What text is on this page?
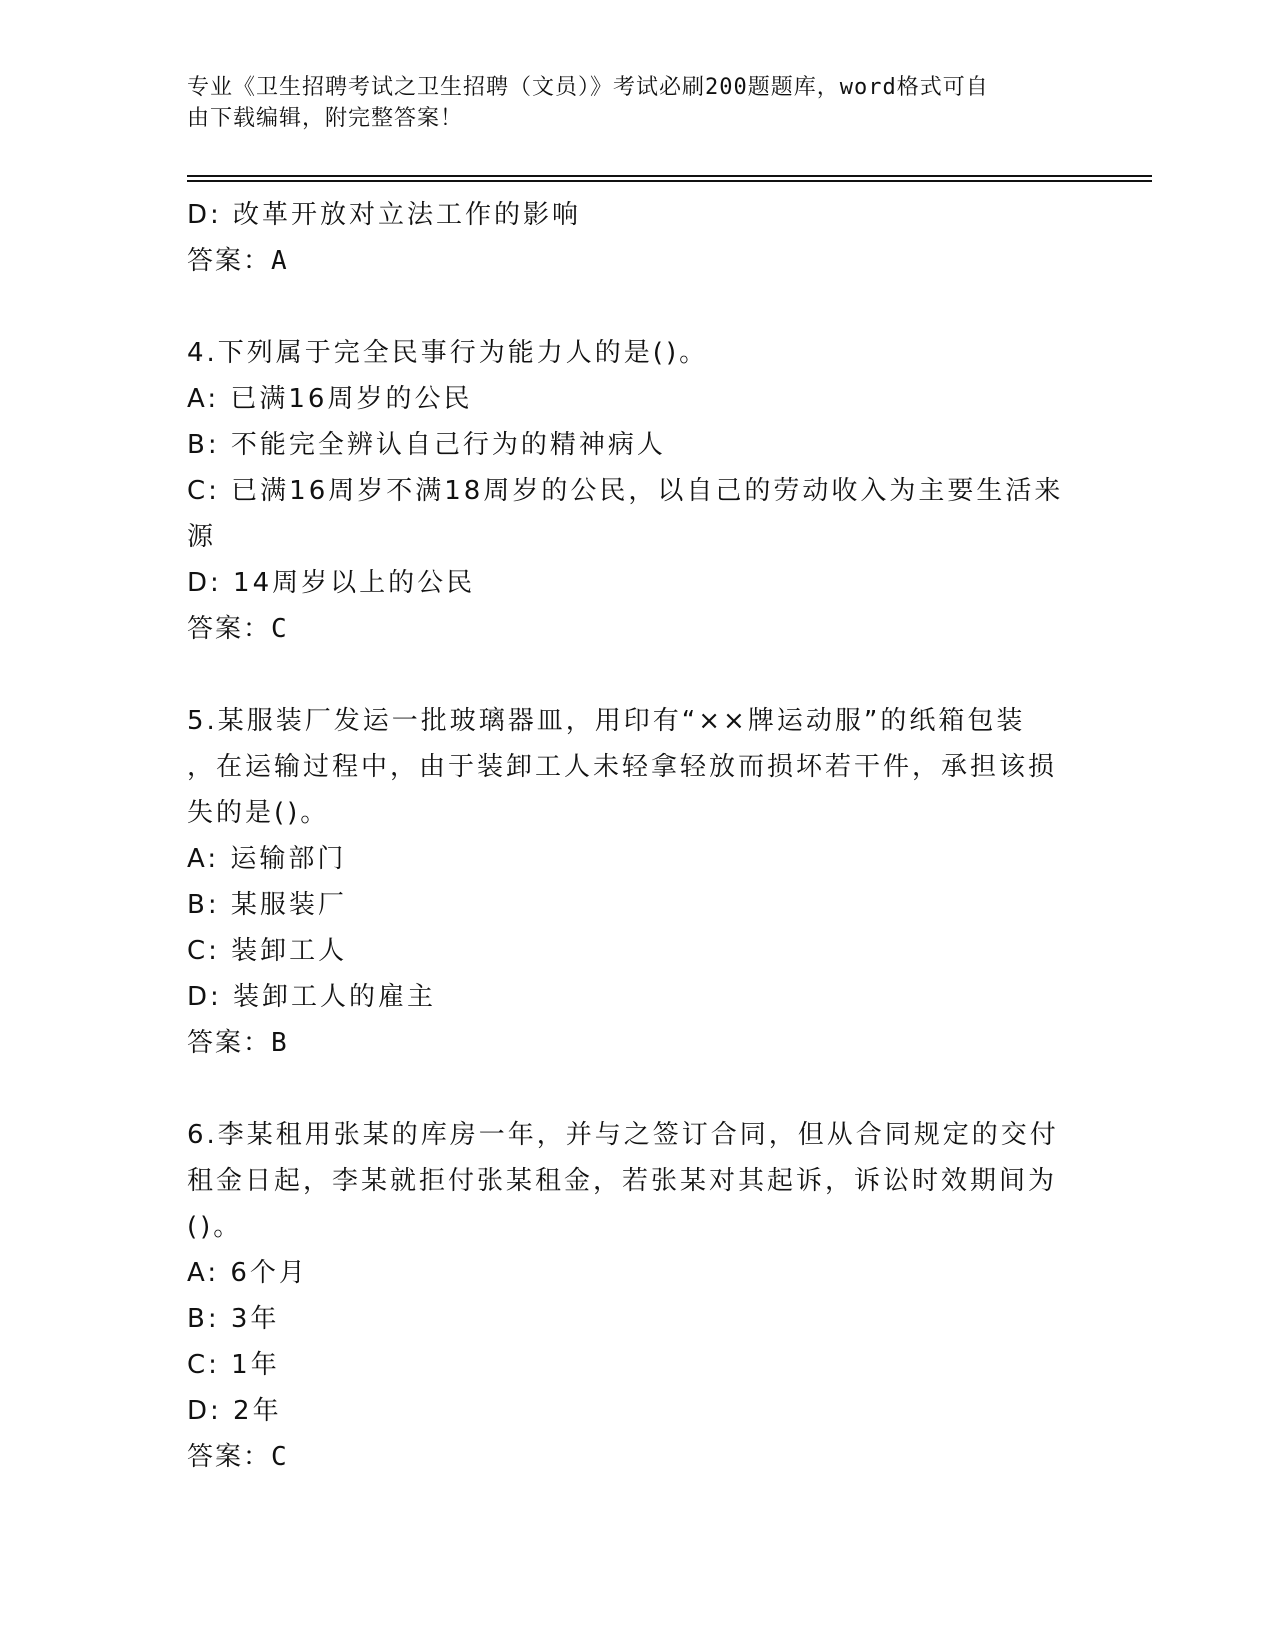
专业《卫生招聘考试之卫生招聘（文员）》考试必刷200题题库，word格式可自
由下载编辑，附完整答案！
D: 改革开放对立法工作的影响
答案：A
4.下列属于完全民事行为能力人的是()。
A: 已满16周岁的公民
B: 不能完全辨认自己行为的精神病人
C: 已满16周岁不满18周岁的公民，以自己的劳动收入为主要生活来
源
D: 14周岁以上的公民
答案：C
5.某服装厂发运一批玻璃器皿，用印有“××牌运动服”的纸箱包装
，在运输过程中，由于装卸工人未轻拿轻放而损坏若干件，承担该损
失的是()。
A: 运输部门
B: 某服装厂
C: 装卸工人
D: 装卸工人的雇主
答案：B
6.李某租用张某的库房一年，并与之签订合同，但从合同规定的交付
租金日起，李某就拒付张某租金，若张某对其起诉，诉讼时效期间为
()。
A: 6个月
B: 3年
C: 1年
D: 2年
答案：C
